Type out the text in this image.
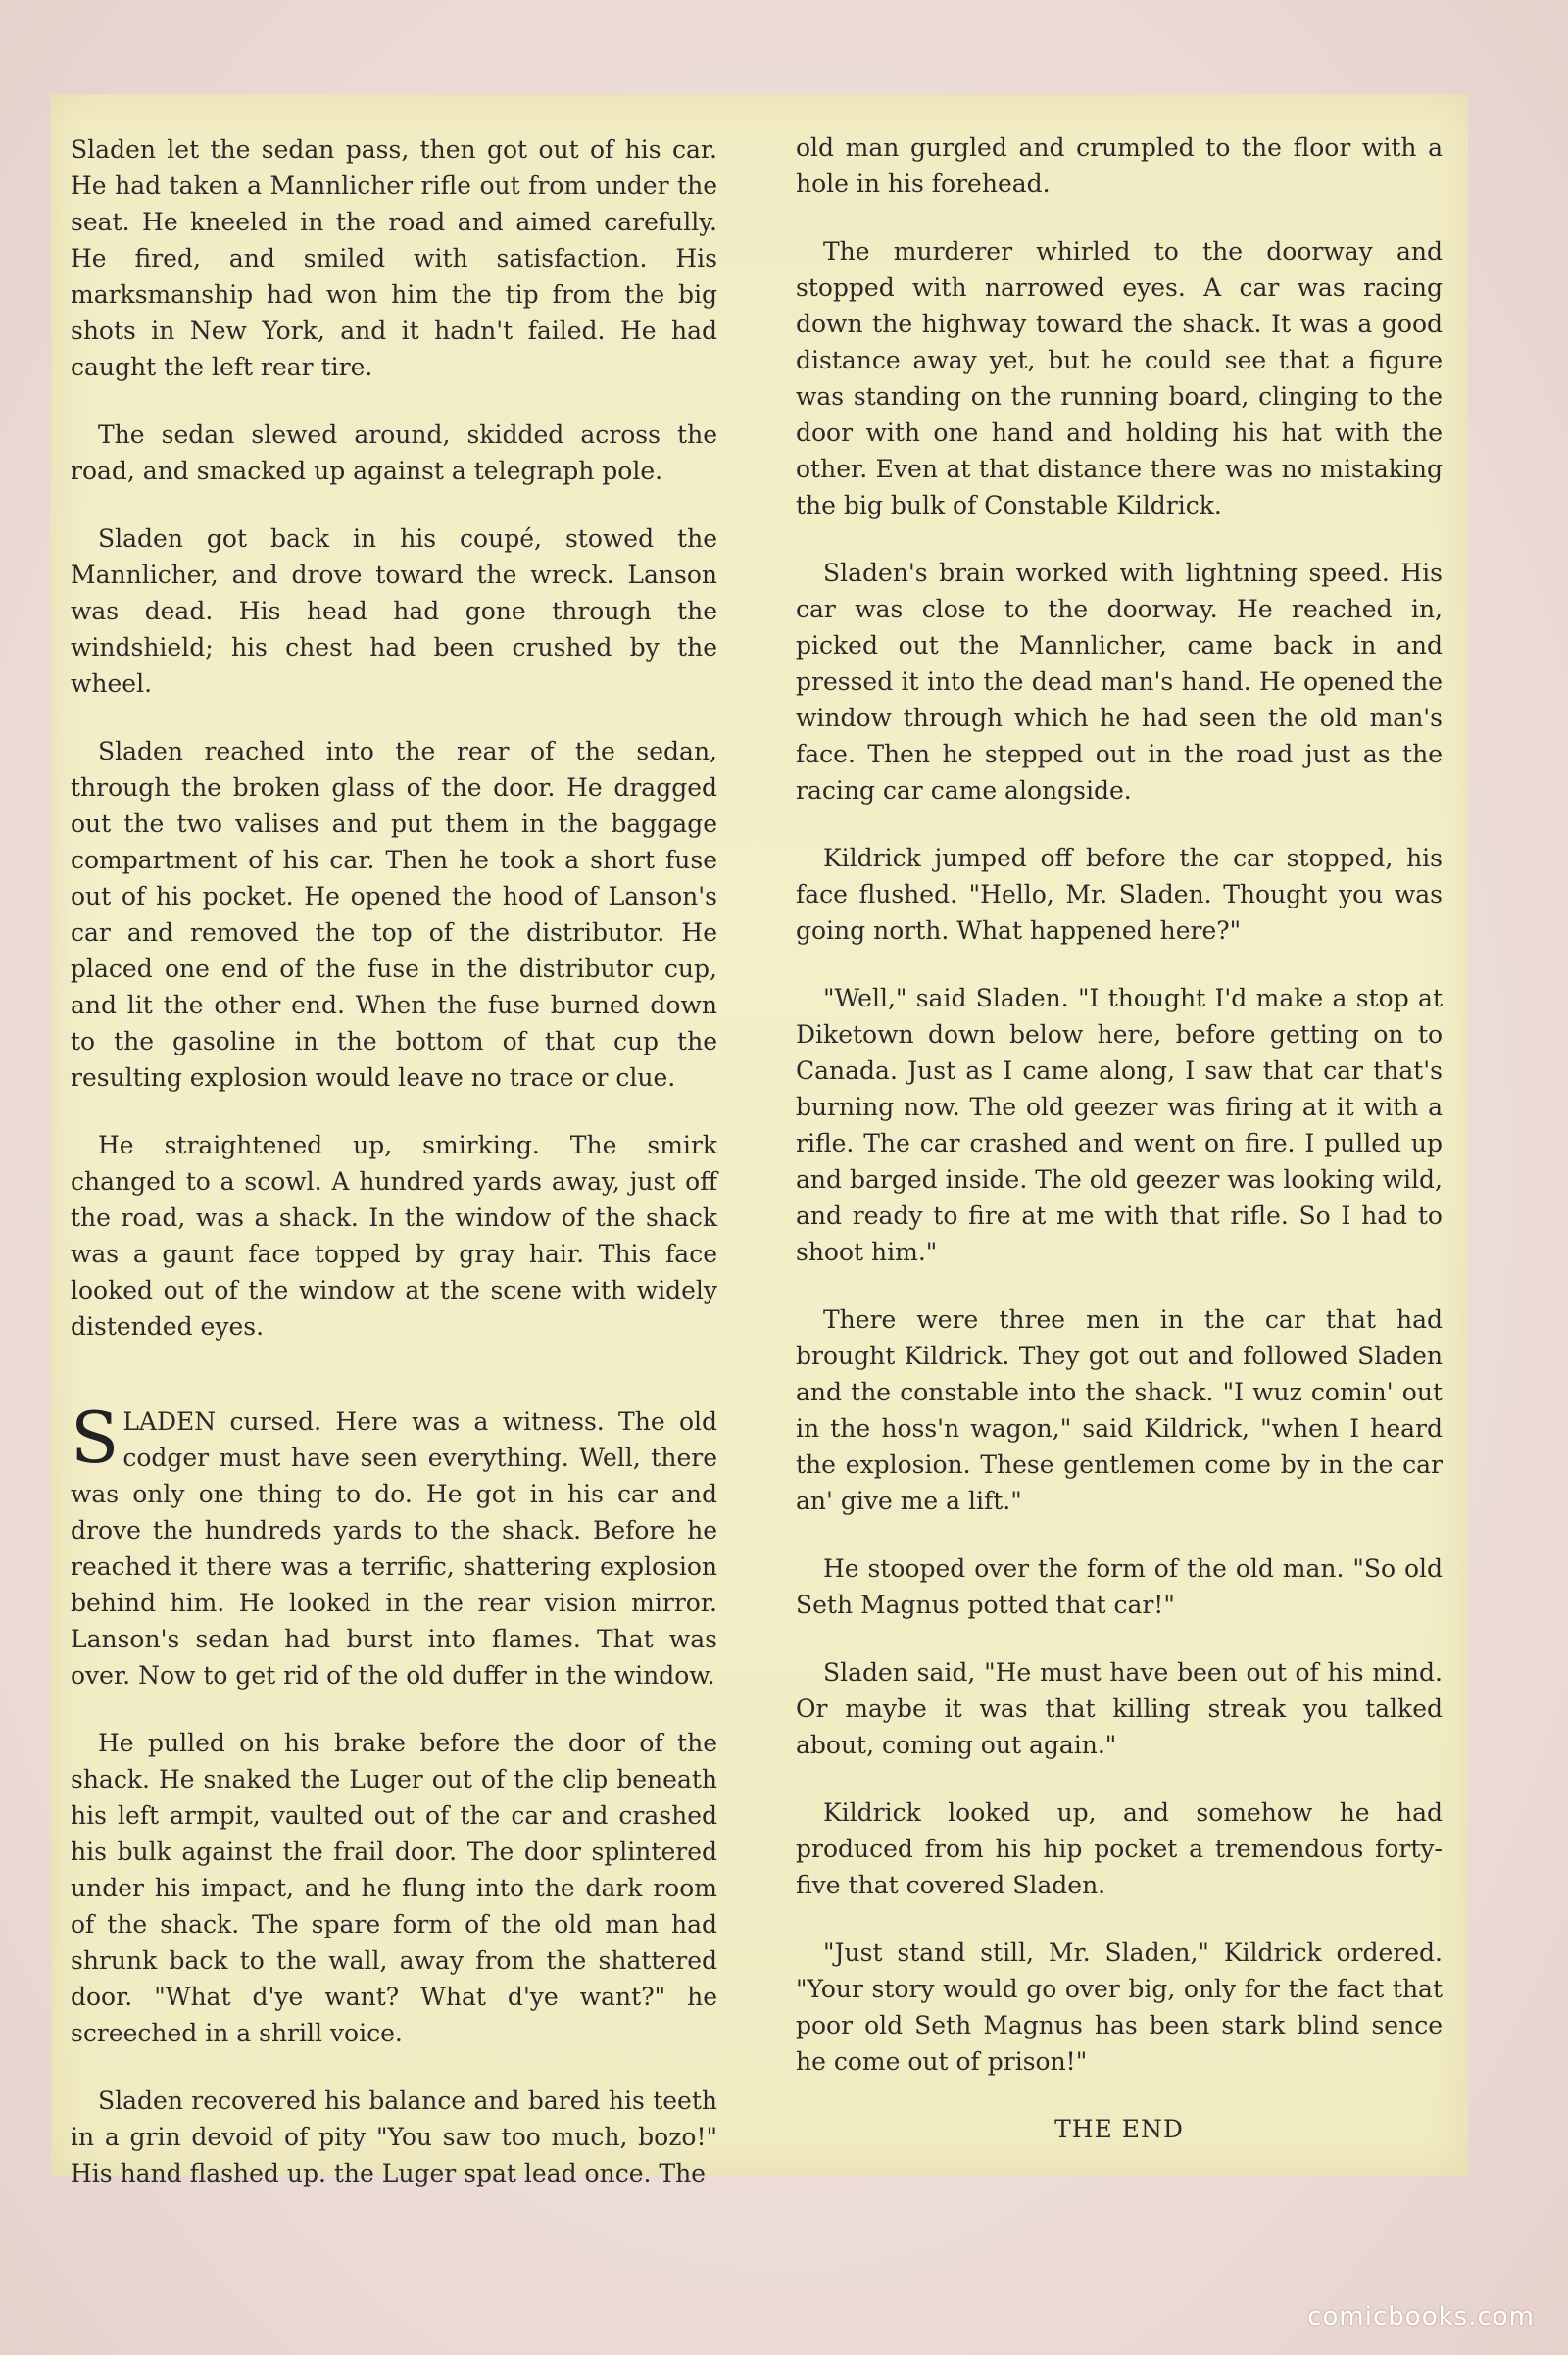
Sladen let the sedan pass, then got out of his car. He had taken a Mannlicher rifle out from under the seat. He kneeled in the road and aimed carefully. He fired, and smiled with satisfaction. His marksmanship had won him the tip from the big shots in New York, and it hadn't failed. He had caught the left rear tire.

The sedan slewed around, skidded across the road, and smacked up against a telegraph pole.

Sladen got back in his coupé, stowed the Mannlicher, and drove toward the wreck. Lanson was dead. His head had gone through the windshield; his chest had been crushed by the wheel.

Sladen reached into the rear of the sedan, through the broken glass of the door. He dragged out the two valises and put them in the baggage compartment of his car. Then he took a short fuse out of his pocket. He opened the hood of Lanson's car and removed the top of the distributor. He placed one end of the fuse in the distributor cup, and lit the other end. When the fuse burned down to the gasoline in the bottom of that cup the resulting explosion would leave no trace or clue.

He straightened up, smirking. The smirk changed to a scowl. A hundred yards away, just off the road, was a shack. In the window of the shack was a gaunt face topped by gray hair. This face looked out of the window at the scene with widely distended eyes.

SLADEN cursed. Here was a witness. The old codger must have seen everything. Well, there was only one thing to do. He got in his car and drove the hundreds yards to the shack. Before he reached it there was a terrific, shattering explosion behind him. He looked in the rear vision mirror. Lanson's sedan had burst into flames. That was over. Now to get rid of the old duffer in the window.

He pulled on his brake before the door of the shack. He snaked the Luger out of the clip beneath his left armpit, vaulted out of the car and crashed his bulk against the frail door. The door splintered under his impact, and he flung into the dark room of the shack. The spare form of the old man had shrunk back to the wall, away from the shattered door. "What d'ye want? What d'ye want?" he screeched in a shrill voice.

Sladen recovered his balance and bared his teeth in a grin devoid of pity "You saw too much, bozo!" His hand flashed up. the Luger spat lead once. The

old man gurgled and crumpled to the floor with a hole in his forehead.

The murderer whirled to the doorway and stopped with narrowed eyes. A car was racing down the highway toward the shack. It was a good distance away yet, but he could see that a figure was standing on the running board, clinging to the door with one hand and holding his hat with the other. Even at that distance there was no mistaking the big bulk of Constable Kildrick.

Sladen's brain worked with lightning speed. His car was close to the doorway. He reached in, picked out the Mannlicher, came back in and pressed it into the dead man's hand. He opened the window through which he had seen the old man's face. Then he stepped out in the road just as the racing car came alongside.

Kildrick jumped off before the car stopped, his face flushed. "Hello, Mr. Sladen. Thought you was going north. What happened here?"

"Well," said Sladen. "I thought I'd make a stop at Diketown down below here, before getting on to Canada. Just as I came along, I saw that car that's burning now. The old geezer was firing at it with a rifle. The car crashed and went on fire. I pulled up and barged inside. The old geezer was looking wild, and ready to fire at me with that rifle. So I had to shoot him."

There were three men in the car that had brought Kildrick. They got out and followed Sladen and the constable into the shack. "I wuz comin' out in the hoss'n wagon," said Kildrick, "when I heard the explosion. These gentlemen come by in the car an' give me a lift."

He stooped over the form of the old man. "So old Seth Magnus potted that car!"

Sladen said, "He must have been out of his mind. Or maybe it was that killing streak you talked about, coming out again."

Kildrick looked up, and somehow he had produced from his hip pocket a tremendous forty-five that covered Sladen.

"Just stand still, Mr. Sladen," Kildrick ordered. "Your story would go over big, only for the fact that poor old Seth Magnus has been stark blind sence he come out of prison!"

THE END

comicbooks.com
